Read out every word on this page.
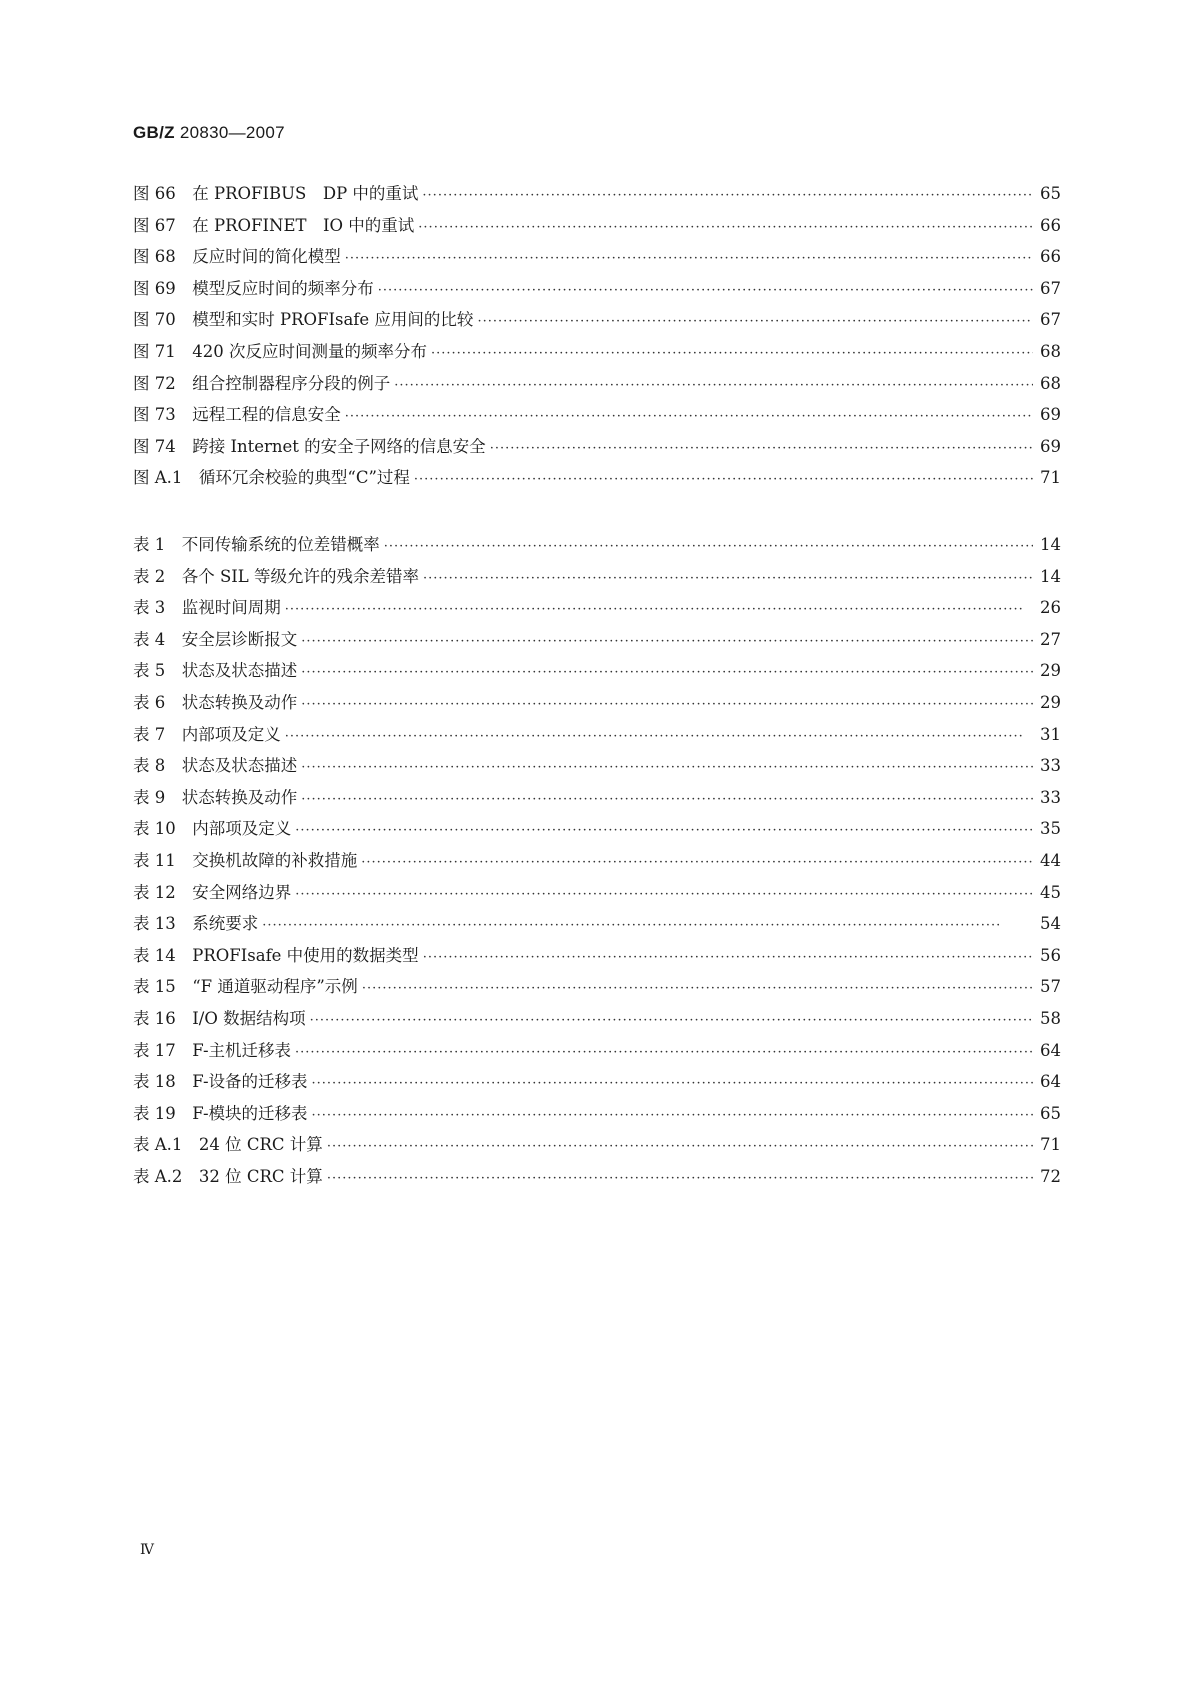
GB/Z 20830—2007
图 66　在 PROFIBUS　DP 中的重试 ·····	65
图 67　在 PROFINET　IO 中的重试 ·····	66
图 68　反应时间的简化模型 ·····	66
图 69　模型反应时间的频率分布 ·····	67
图 70　模型和实时 PROFIsafe 应用间的比较 ·····	67
图 71　420 次反应时间测量的频率分布 ·····	68
图 72　组合控制器程序分段的例子 ·····	68
图 73　远程工程的信息安全 ·····	69
图 74　跨接 Internet 的安全子网络的信息安全 ·····	69
图 A.1　循环冗余校验的典型“C”过程 ·····	71
表 1　不同传输系统的位差错概率 ·····	14
表 2　各个 SIL 等级允许的残余差错率 ·····	14
表 3　监视时间周期 ·····	26
表 4　安全层诊断报文 ·····	27
表 5　状态及状态描述 ·····	29
表 6　状态转换及动作 ·····	29
表 7　内部项及定义 ·····	31
表 8　状态及状态描述 ·····	33
表 9　状态转换及动作 ·····	33
表 10　内部项及定义 ·····	35
表 11　交换机故障的补救措施 ·····	44
表 12　安全网络边界 ·····	45
表 13　系统要求 ·····	54
表 14　PROFIsafe 中使用的数据类型 ·····	56
表 15　“F 通道驱动程序”示例 ·····	57
表 16　I/O 数据结构项 ·····	58
表 17　F-主机迁移表 ·····	64
表 18　F-设备的迁移表 ·····	64
表 19　F-模块的迁移表 ·····	65
表 A.1　24 位 CRC 计算 ·····	71
表 A.2　32 位 CRC 计算 ·····	72
Ⅳ
